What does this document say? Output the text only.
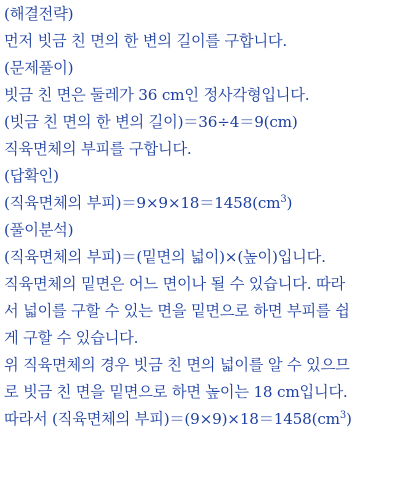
(해결전략)
먼저 빗금 친 면의 한 변의 길이를 구합니다.
(문제풀이)
빗금 친 면은 둘레가 36 cm인 정사각형입니다.
(빗금 친 면의 한 변의 길이)＝36÷4＝9(cm)
직육면체의 부피를 구합니다.
(답확인)
(직육면체의 부피)$=9\times 9\times 18=1458(cm^3)$
(풀이분석)
(직육면체의 부피)＝(밑면의 넓이)×(높이)입니다.
직육면체의 밑면은 어느 면이나 될 수 있습니다. 따라
서 넓이를 구할 수 있는 면을 밑면으로 하면 부피를 쉽
게 구할 수 있습니다.
위 직육면체의 경우 빗금 친 면의 넓이를 알 수 있으므
로 빗금 친 면을 밑면으로 하면 높이는 18 cm입니다.
따라서 (직육면체의 부피)$=(9\times 9)\times 18=1458(cm^3)$
